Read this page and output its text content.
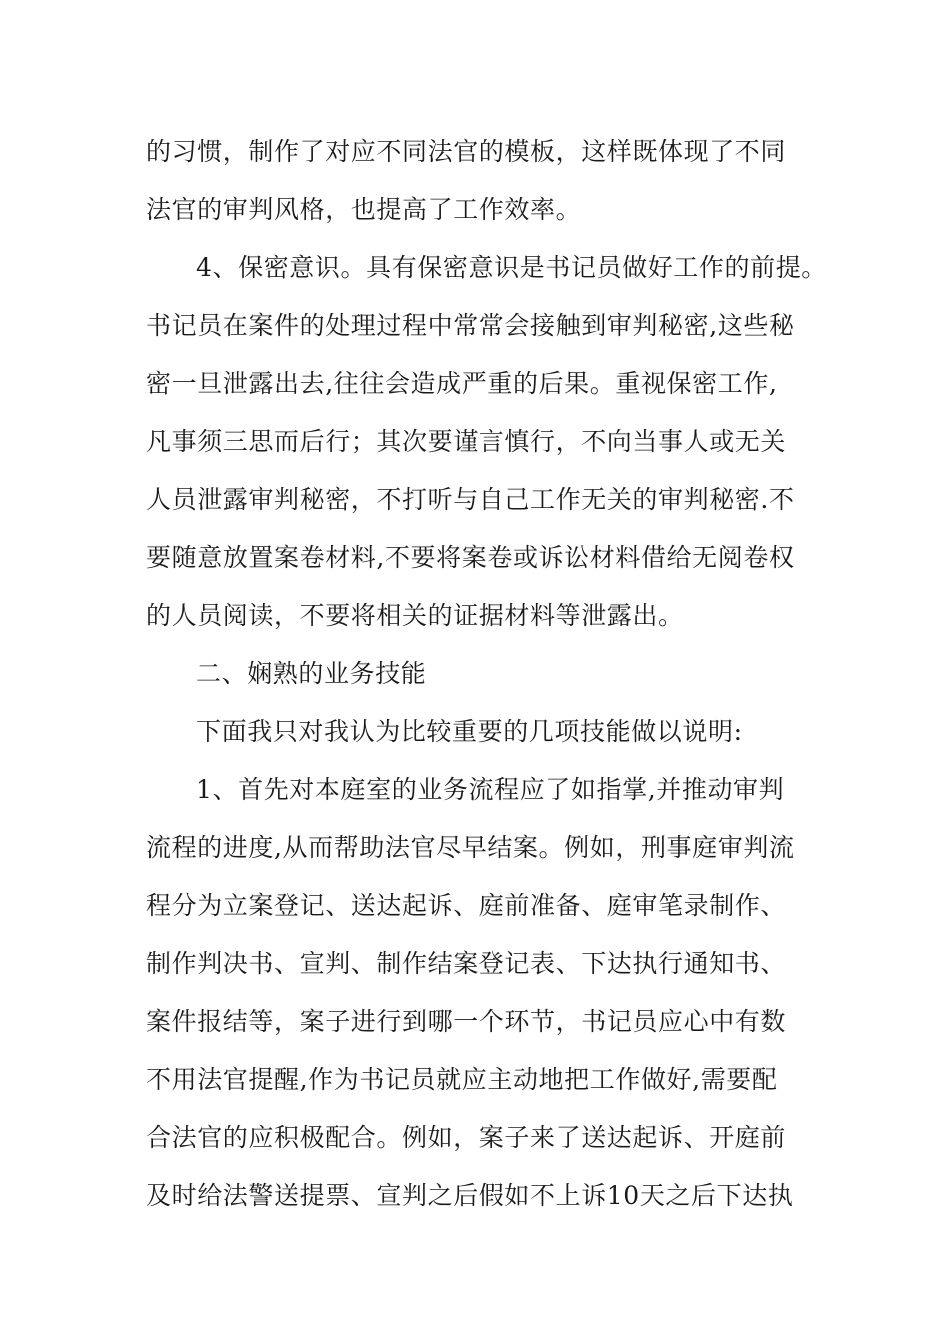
的习惯，制作了对应不同法官的模板，这样既体现了不同
法官的审判风格，也提高了工作效率。
4、保密意识。具有保密意识是书记员做好工作的前提。
书记员在案件的处理过程中常常会接触到审判秘密,这些秘
密一旦泄露出去,往往会造成严重的后果。重视保密工作,
凡事须三思而后行；其次要谨言慎行，不向当事人或无关
人员泄露审判秘密，不打听与自己工作无关的审判秘密.不
要随意放置案卷材料,不要将案卷或诉讼材料借给无阅卷权
的人员阅读，不要将相关的证据材料等泄露出。
二、娴熟的业务技能
下面我只对我认为比较重要的几项技能做以说明:
1、首先对本庭室的业务流程应了如指掌,并推动审判
流程的进度,从而帮助法官尽早结案。例如，刑事庭审判流
程分为立案登记、送达起诉、庭前准备、庭审笔录制作、
制作判决书、宣判、制作结案登记表、下达执行通知书、
案件报结等，案子进行到哪一个环节，书记员应心中有数
不用法官提醒,作为书记员就应主动地把工作做好,需要配
合法官的应积极配合。例如，案子来了送达起诉、开庭前
及时给法警送提票、宣判之后假如不上诉10天之后下达执
